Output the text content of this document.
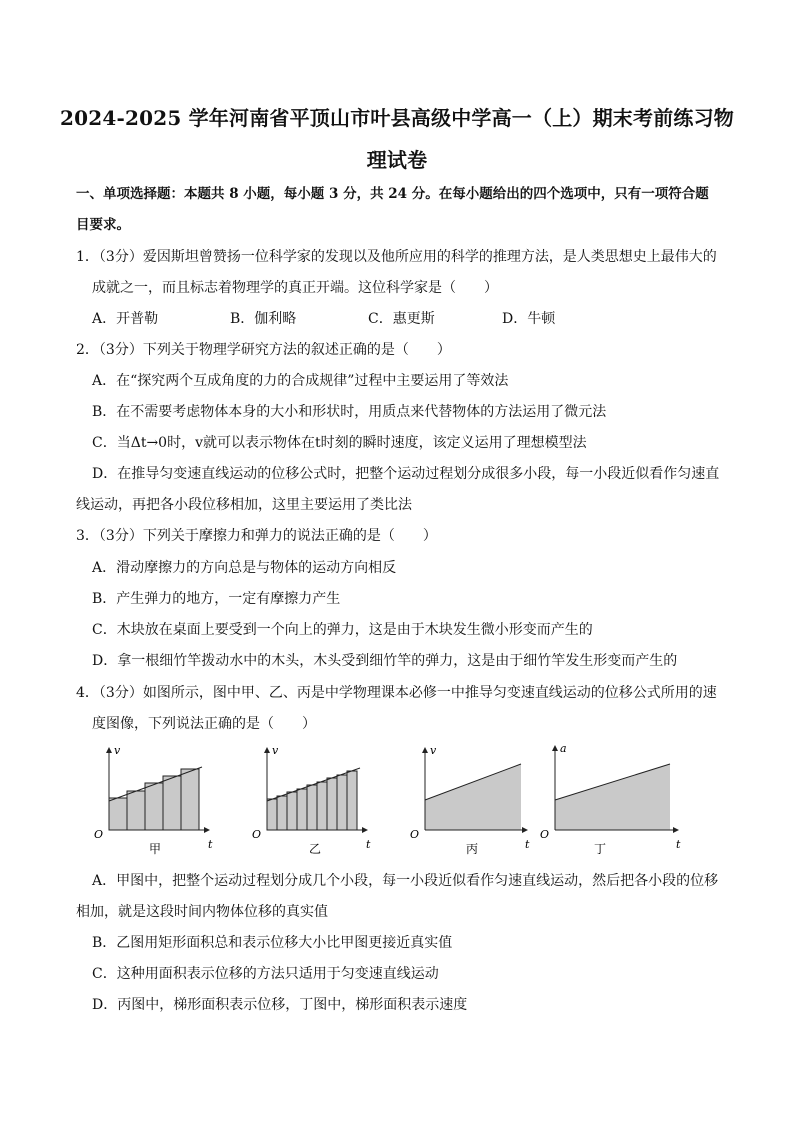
2024-2025 学年河南省平顶山市叶县高级中学高一（上）期末考前练习物
理试卷
一、单项选择题：本题共 8 小题，每小题 3 分，共 24 分。在每小题给出的四个选项中，只有一项符合题
目要求。
1．（3分）爱因斯坦曾赞扬一位科学家的发现以及他所应用的科学的推理方法，是人类思想史上最伟大的
成就之一，而且标志着物理学的真正开端。这位科学家是（　　）
A．开普勒	B．伽利略	C．惠更斯	D．牛顿
2．（3分）下列关于物理学研究方法的叙述正确的是（　　）
A．在“探究两个互成角度的力的合成规律”过程中主要运用了等效法
B．在不需要考虑物体本身的大小和形状时，用质点来代替物体的方法运用了微元法
C．当Δt→0时，v就可以表示物体在t时刻的瞬时速度，该定义运用了理想模型法
D．在推导匀变速直线运动的位移公式时，把整个运动过程划分成很多小段，每一小段近似看作匀速直
线运动，再把各小段位移相加，这里主要运用了类比法
3．（3分）下列关于摩擦力和弹力的说法正确的是（　　）
A．滑动摩擦力的方向总是与物体的运动方向相反
B．产生弹力的地方，一定有摩擦力产生
C．木块放在桌面上要受到一个向上的弹力，这是由于木块发生微小形变而产生的
D．拿一根细竹竿拨动水中的木头，木头受到细竹竿的弹力，这是由于细竹竿发生形变而产生的
4．（3分）如图所示，图中甲、乙、丙是中学物理课本必修一中推导匀变速直线运动的位移公式所用的速
度图像，下列说法正确的是（　　）
v
t
O
甲
v
t
O
乙
v
t
O
丙
a
t
O
丁
A．甲图中，把整个运动过程划分成几个小段，每一小段近似看作匀速直线运动，然后把各小段的位移
相加，就是这段时间内物体位移的真实值
B．乙图用矩形面积总和表示位移大小比甲图更接近真实值
C．这种用面积表示位移的方法只适用于匀变速直线运动
D．丙图中，梯形面积表示位移，丁图中，梯形面积表示速度
